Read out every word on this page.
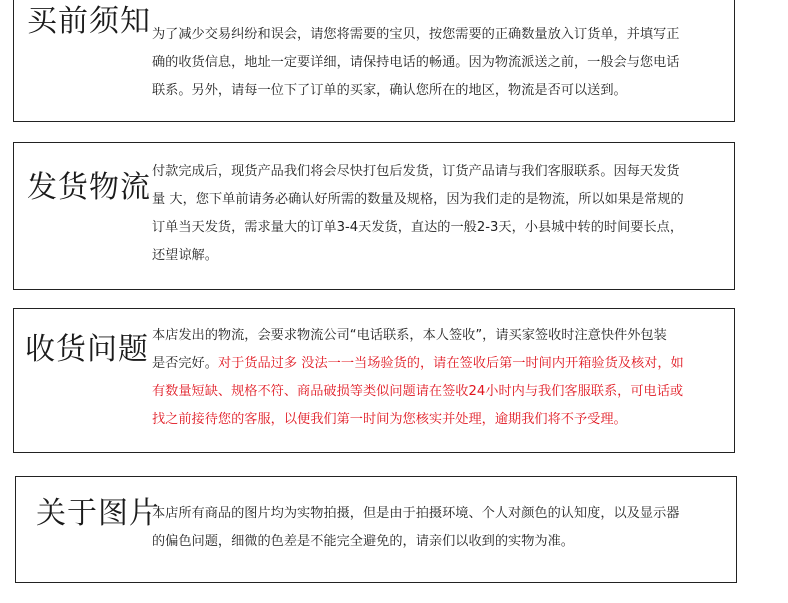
买前须知 为了减少交易纠纷和误会，请您将需要的宝贝，按您需要的正确数量放入订货单，并填写正
确的收货信息，地址一定要详细，请保持电话的畅通。因为物流派送之前，一般会与您电话
联系。另外，请每一位下了订单的买家，确认您所在的地区，物流是否可以送到。
发货物流 付款完成后，现货产品我们将会尽快打包后发货，订货产品请与我们客服联系。因每天发货
量 大，您下单前请务必确认好所需的数量及规格，因为我们走的是物流，所以如果是常规的
订单当天发货，需求量大的订单3-4天发货，直达的一般2-3天，小县城中转的时间要长点，
还望谅解。
收货问题 本店发出的物流，会要求物流公司“电话联系，本人签收”，请买家签收时注意快件外包装
是否完好。对于货品过多 没法一一当场验货的，请在签收后第一时间内开箱验货及核对，如
有数量短缺、规格不符、商品破损等类似问题请在签收24小时内与我们客服联系，可电话或
找之前接待您的客服，以便我们第一时间为您核实并处理，逾期我们将不予受理。
关于图片
本店所有商品的图片均为实物拍摄，但是由于拍摄环境、个人对颜色的认知度，以及显示器
的偏色问题，细微的色差是不能完全避免的，请亲们以收到的实物为准。
